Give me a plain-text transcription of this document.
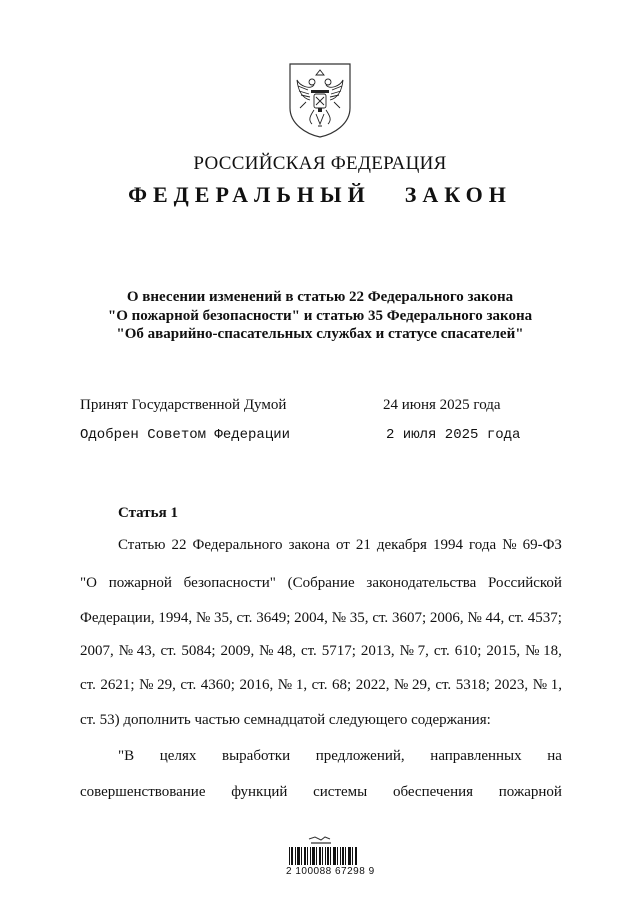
РОССИЙСКАЯ ФЕДЕРАЦИЯ
ФЕДЕРАЛЬНЫЙ ЗАКОН
О внесении изменений в статью 22 Федерального закона
"О пожарной безопасности" и статью 35 Федерального закона
"Об аварийно-спасательных службах и статусе спасателей"
Принят Государственной Думой	24 июня 2025 года
Одобрен Советом Федерации	2 июля 2025 года
Статья 1
Статью 22 Федерального закона от 21 декабря 1994 года № 69-ФЗ
"О пожарной безопасности" (Собрание законодательства Российской
Федерации, 1994, № 35, ст. 3649; 2004, № 35, ст. 3607; 2006, № 44, ст. 4537;
2007, № 43, ст. 5084; 2009, № 48, ст. 5717; 2013, № 7, ст. 610; 2015, № 18,
ст. 2621; № 29, ст. 4360; 2016, № 1, ст. 68; 2022, № 29, ст. 5318; 2023, № 1,
ст. 53) дополнить частью семнадцатой следующего содержания:
"В целях выработки предложений, направленных на
совершенствование функций системы обеспечения пожарной
2 100088 67298 9
